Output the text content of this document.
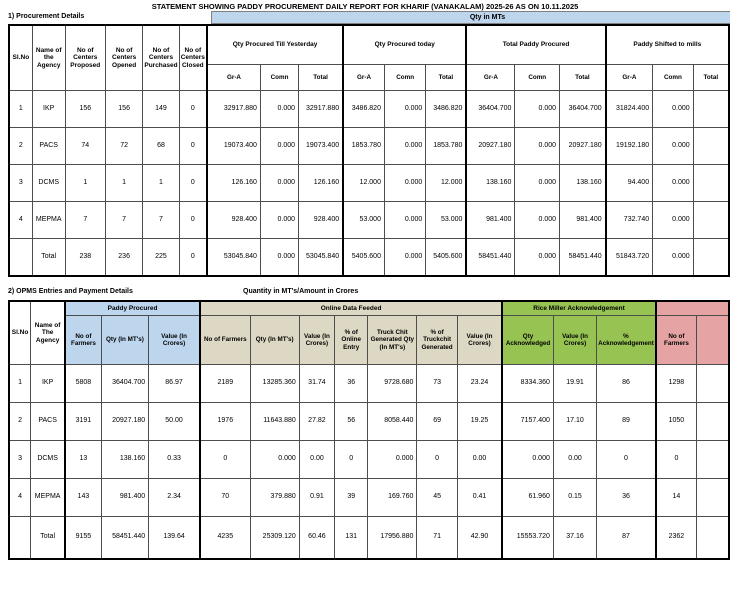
STATEMENT SHOWING PADDY PROCUREMENT DAILY REPORT FOR KHARIF (VANAKALAM) 2025-26 AS ON 10.11.2025
1) Procurement Details	Qty in MTs
Sl.No	Name of the Agency	No of Centers Proposed	No of Centers Opened	No of Centers Purchased	No of Centers Closed	Qty Procured Till Yesterday			Qty Procured today			Total Paddy Procured			Paddy Shifted to mills		
						Gr-A	Comn	Total	Gr-A	Comn	Total	Gr-A	Comn	Total	Gr-A	Comn	Total
1	IKP	156	156	149	0	32917.880	0.000	32917.880	3486.820	0.000	3486.820	36404.700	0.000	36404.700	31824.400	0.000	
2	PACS	74	72	68	0	19073.400	0.000	19073.400	1853.780	0.000	1853.780	20927.180	0.000	20927.180	19192.180	0.000	
3	DCMS	1	1	1	0	126.160	0.000	126.160	12.000	0.000	12.000	138.160	0.000	138.160	94.400	0.000	
4	MEPMA	7	7	7	0	928.400	0.000	928.400	53.000	0.000	53.000	981.400	0.000	981.400	732.740	0.000	
	Total	238	236	225	0	53045.840	0.000	53045.840	5405.600	0.000	5405.600	58451.440	0.000	58451.440	51843.720	0.000	
2) OPMS Entries and Payment Details	Quantity in MT's/Amount in Crores
Sl.No	Name of The Agency	Paddy Procured			Online Data Feeded							Rice Miller Acknowledgement				
		No of Farmers	Qty (In MT's)	Value (In Crores)	No of Farmers	Qty (In MT's)	Value (In Crores)	% of Online Entry	Truck Chit Generated Qty (In MT's)	% of Truckchit Generated	Value (In Crores)	Qty Acknowledged	Value (In Crores)	% Acknowledgement	No of Farmers	
1	IKP	5808	36404.700	86.97	2189	13285.360	31.74	36	9728.680	73	23.24	8334.360	19.91	86	1298	
2	PACS	3191	20927.180	50.00	1976	11643.880	27.82	56	8058.440	69	19.25	7157.400	17.10	89	1050	
3	DCMS	13	138.160	0.33	0	0.000	0.00	0	0.000	0	0.00	0.000	0.00	0	0	
4	MEPMA	143	981.400	2.34	70	379.880	0.91	39	169.760	45	0.41	61.960	0.15	36	14	
	Total	9155	58451.440	139.64	4235	25309.120	60.46	131	17956.880	71	42.90	15553.720	37.16	87	2362	
